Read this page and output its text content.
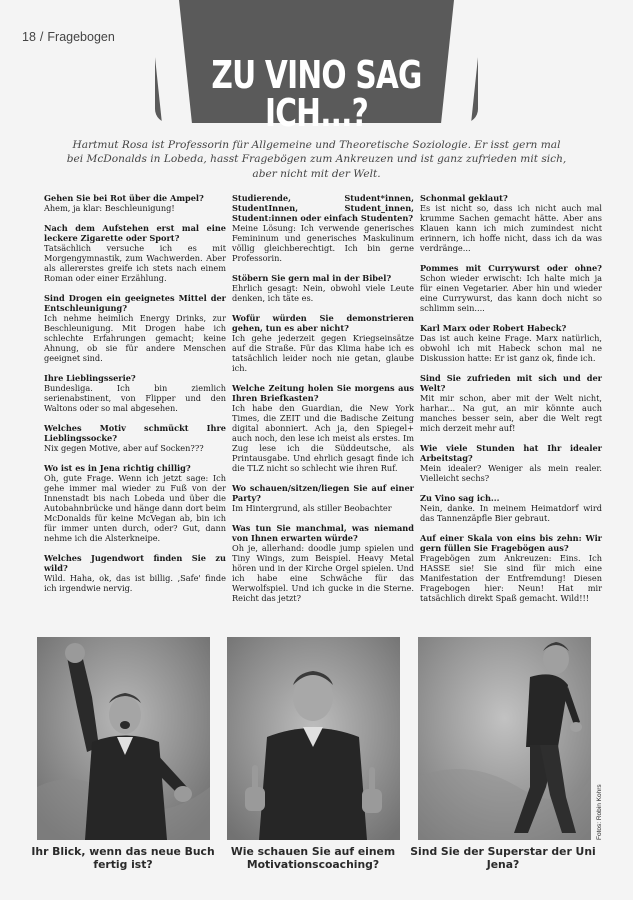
18 / Fragebogen
ZU VINO SAG ICH...?
Hartmut Rosa ist Professorin für Allgemeine und Theoretische Soziologie. Er isst gern mal bei McDonalds in Lobeda, hasst Fragebögen zum Ankreuzen und ist ganz zufrieden mit sich, aber nicht mit der Welt.
Gehen Sie bei Rot über die Ampel?
Ahem, ja klar: Beschleunigung!
Nach dem Aufstehen erst mal eine leckere Zigarette oder Sport?
Tatsächlich versuche ich es mit Morgengymnastik, zum Wachwerden. Aber als allererstes greife ich stets nach einem Roman oder einer Erzählung.
Sind Drogen ein geeignetes Mittel der Entschleunigung?
Ich nehme heimlich Energy Drinks, zur Beschleunigung. Mit Drogen habe ich schlechte Erfahrungen gemacht; keine Ahnung, ob sie für andere Menschen geeignet sind.
Ihre Lieblingsserie?
Bundesliga. Ich bin ziemlich serienabstinent, von Flipper und den Waltons oder so mal abgesehen.
Welches Motiv schmückt Ihre Lieblingssocke?
Nix gegen Motive, aber auf Socken???
Wo ist es in Jena richtig chillig?
Oh, gute Frage. Wenn ich jetzt sage: Ich gehe immer mal wieder zu Fuß von der Innenstadt bis nach Lobeda und über die Autobahnbrücke und hänge dann dort beim McDonalds für keine McVegan ab, bin ich für immer unten durch, oder? Gut, dann nehme ich die Alsterkneipe.
Welches Jugendwort finden Sie zu wild?
Wild. Haha, ok, das ist billig. ‚Safe' finde ich irgendwie nervig.
Studierende, Student*innen, StudentInnen, Student_innen, Student:innen oder einfach Studenten?
Meine Lösung: Ich verwende generisches Femininum und generisches Maskulinum völlig gleichberechtigt. Ich bin gerne Professorin.
Stöbern Sie gern mal in der Bibel?
Ehrlich gesagt: Nein, obwohl viele Leute denken, ich täte es.
Wofür würden Sie demonstrieren gehen, tun es aber nicht?
Ich gehe jederzeit gegen Kriegseinsätze auf die Straße. Für das Klima habe ich es tatsächlich leider noch nie getan, glaube ich.
Welche Zeitung holen Sie morgens aus Ihren Briefkasten?
Ich habe den Guardian, die New York Times, die ZEIT und die Badische Zeitung digital abonniert. Ach ja, den Spiegel+ auch noch, den lese ich meist als erstes. Im Zug lese ich die Süddeutsche, als Printausgabe. Und ehrlich gesagt finde ich die TLZ nicht so schlecht wie ihren Ruf.
Wo schauen/sitzen/liegen Sie auf einer Party?
Im Hintergrund, als stiller Beobachter
Was tun Sie manchmal, was niemand von Ihnen erwarten würde?
Oh je, allerhand: doodle jump spielen und Tiny Wings, zum Beispiel. Heavy Metal hören und in der Kirche Orgel spielen. Und ich habe eine Schwäche für das Werwolfspiel. Und ich gucke in die Sterne. Reicht das jetzt?
Schonmal geklaut?
Es ist nicht so, dass ich nicht auch mal krumme Sachen gemacht hätte. Aber ans Klauen kann ich mich zumindest nicht erinnern, ich hoffe nicht, dass ich da was verdränge...
Pommes mit Currywurst oder ohne? Schon wieder erwischt: Ich halte mich ja für einen Vegetarier. Aber hin und wieder eine Currywurst, das kann doch nicht so schlimm sein....
Karl Marx oder Robert Habeck?
Das ist auch keine Frage. Marx natürlich, obwohl ich mit Habeck schon mal ne Diskussion hatte: Er ist ganz ok, finde ich.
Sind Sie zufrieden mit sich und der Welt?
Mit mir schon, aber mit der Welt nicht, harhar... Na gut, an mir könnte auch manches besser sein, aber die Welt regt mich derzeit mehr auf!
Wie viele Stunden hat Ihr idealer Arbeitstag?
Mein idealer? Weniger als mein realer. Vielleicht sechs?
Zu Vino sag ich...
Nein, danke. In meinem Heimatdorf wird das Tannenzäpfle Bier gebraut.
Auf einer Skala von eins bis zehn: Wir gern füllen Sie Fragebögen aus?
Fragebögen zum Ankreuzen: Eins. Ich HASSE sie! Sie sind für mich eine Manifestation der Entfremdung! Diesen Fragebogen hier: Neun! Hat mir tatsächlich direkt Spaß gemacht. Wild!!!
Fotos: Robin Kohrs
Ihr Blick, wenn das neue Buch fertig ist?
Wie schauen Sie auf einem Motivationscoaching?
Sind Sie der Superstar der Uni Jena?
